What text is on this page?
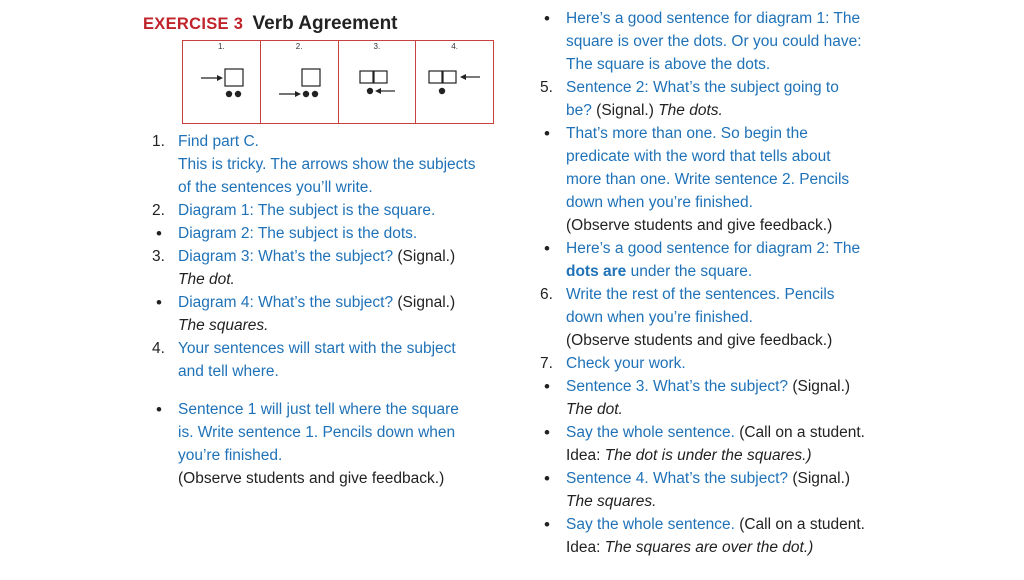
EXERCISE 3 Verb Agreement
1.	2.	3.	4.
1. Find part C.
This is tricky. The arrows show the subjects
of the sentences you’ll write.
2. Diagram 1: The subject is the square.
•	Diagram 2: The subject is the dots.
3. Diagram 3: What’s the subject? (Signal.)
The dot.
•	Diagram 4: What’s the subject? (Signal.)
The squares.
4. Your sentences will start with the subject
and tell where.
•	Sentence 1 will just tell where the square
is. Write sentence 1. Pencils down when
you’re finished.
(Observe students and give feedback.)
•	Here’s a good sentence for diagram 1: The
square is over the dots. Or you could have:
The square is above the dots.
5. Sentence 2: What’s the subject going to
be? (Signal.) The dots.
•	That’s more than one. So begin the
predicate with the word that tells about
more than one. Write sentence 2. Pencils
down when you’re finished.
(Observe students and give feedback.)
•	Here’s a good sentence for diagram 2: The
dots are under the square.
6. Write the rest of the sentences. Pencils
down when you’re finished.
(Observe students and give feedback.)
7. Check your work.
•	Sentence 3. What’s the subject? (Signal.)
The dot.
•	Say the whole sentence. (Call on a student.
Idea: The dot is under the squares.)
•	Sentence 4. What’s the subject? (Signal.)
The squares.
•	Say the whole sentence. (Call on a student.
Idea: The squares are over the dot.)
